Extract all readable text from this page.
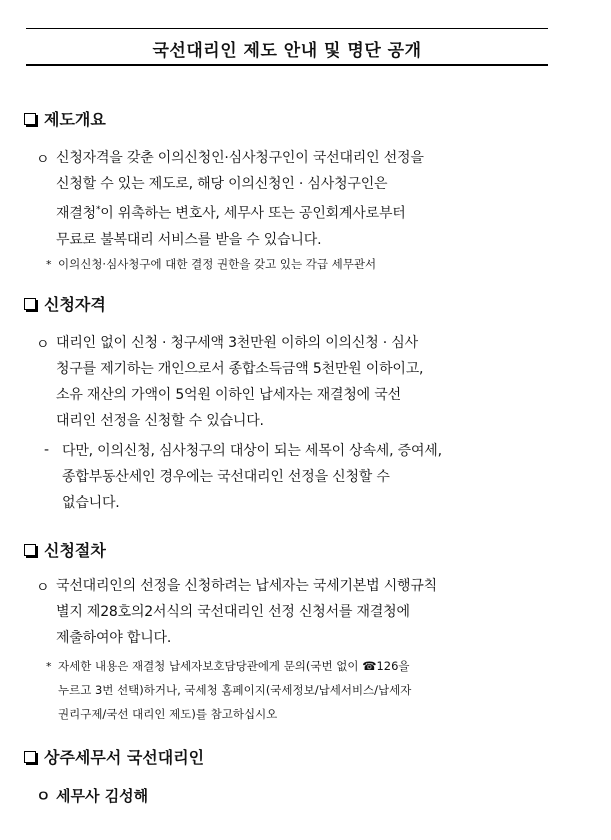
국선대리인 제도 안내 및 명단 공개
제도개요
ㅇ 신청자격을 갖춘 이의신청인·심사청구인이 국선대리인 선정을
신청할 수 있는 제도로, 해당 이의신청인 · 심사청구인은
재결청*이 위촉하는 변호사, 세무사 또는 공인회계사로부터
무료로 불복대리 서비스를 받을 수 있습니다.
* 이의신청·심사청구에 대한 결정 권한을 갖고 있는 각급 세무관서
신청자격
ㅇ 대리인 없이 신청 · 청구세액 3천만원 이하의 이의신청 · 심사
청구를 제기하는 개인으로서 종합소득금액 5천만원 이하이고,
소유 재산의 가액이 5억원 이하인 납세자는 재결청에 국선
대리인 선정을 신청할 수 있습니다.
- 다만, 이의신청, 심사청구의 대상이 되는 세목이 상속세, 증여세,
종합부동산세인 경우에는 국선대리인 선정을 신청할 수
없습니다.
신청절차
ㅇ 국선대리인의 선정을 신청하려는 납세자는 국세기본법 시행규칙
별지 제28호의2서식의 국선대리인 선정 신청서를 재결청에
제출하여야 합니다.
* 자세한 내용은 재결청 납세자보호담당관에게 문의(국번 없이 ☎126을
누르고 3번 선택)하거나, 국세청 홈페이지(국세정보/납세서비스/납세자
권리구제/국선 대리인 제도)를 참고하십시오
상주세무서 국선대리인
ㅇ 세무사 김성해
